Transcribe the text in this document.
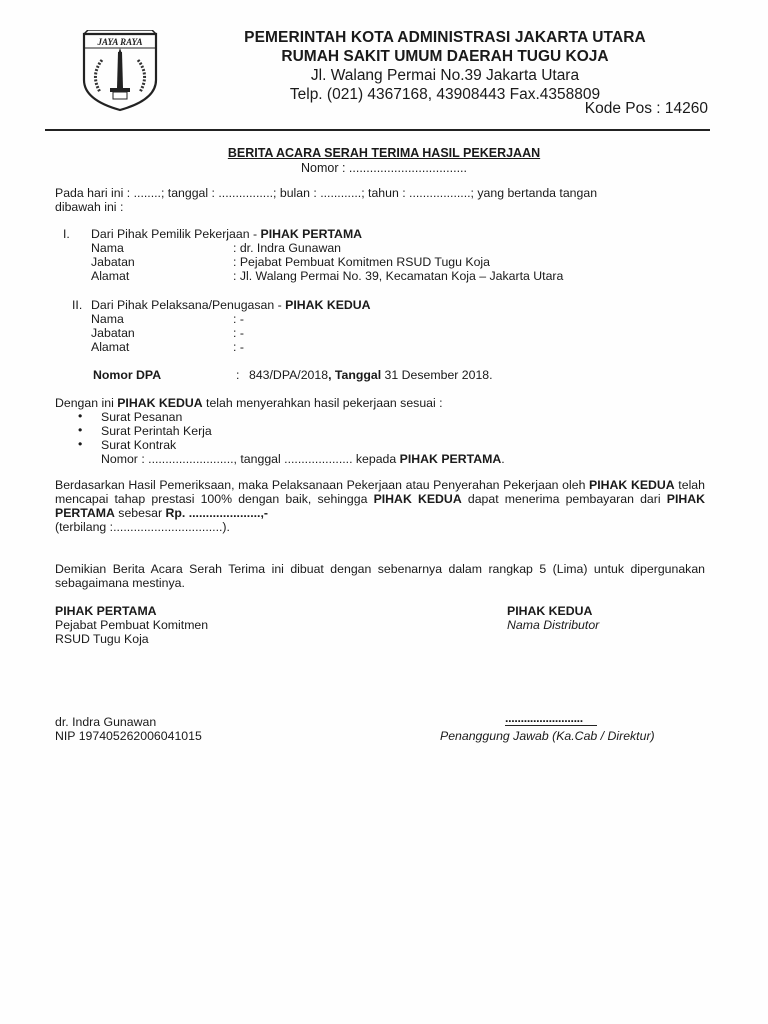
JAYA RAYA	PEMERINTAH KOTA ADMINISTRASI JAKARTA UTARA
RUMAH SAKIT UMUM DAERAH TUGU KOJA
Jl. Walang Permai No.39 Jakarta Utara
Telp. (021) 4367168, 43908443 Fax.4358809
Kode Pos : 14260
BERITA ACARA SERAH TERIMA HASIL PEKERJAAN
Nomor : ..................................
Pada hari ini : ........; tanggal : ................; bulan : ............; tahun : ..................; yang bertanda tangan
dibawah ini :
I. Dari Pihak Pemilik Pekerjaan - PIHAK PERTAMA
Nama	: dr. Indra Gunawan
Jabatan	: Pejabat Pembuat Komitmen RSUD Tugu Koja
Alamat	: Jl. Walang Permai No. 39, Kecamatan Koja – Jakarta Utara
II. Dari Pihak Pelaksana/Penugasan - PIHAK KEDUA
Nama	: -
Jabatan	: -
Alamat	: -
Nomor DPA	: 843/DPA/2018, Tanggal 31 Desember 2018.
Dengan ini PIHAK KEDUA telah menyerahkan hasil pekerjaan sesuai :
• Surat Pesanan
• Surat Perintah Kerja
• Surat Kontrak
Nomor : ........................., tanggal .................... kepada PIHAK PERTAMA.
Berdasarkan Hasil Pemeriksaan, maka Pelaksanaan Pekerjaan atau Penyerahan Pekerjaan oleh PIHAK KEDUA telah mencapai tahap prestasi 100% dengan baik, sehingga PIHAK KEDUA dapat menerima pembayaran dari PIHAK PERTAMA sebesar Rp. .....................,-
(terbilang :................................).
Demikian Berita Acara Serah Terima ini dibuat dengan sebenarnya dalam rangkap 5 (Lima) untuk dipergunakan sebagaimana mestinya.
PIHAK PERTAMA
Pejabat Pembuat Komitmen
RSUD Tugu Koja
dr. Indra Gunawan
NIP 197405262006041015
PIHAK KEDUA
Nama Distributor
.........................
Penanggung Jawab (Ka.Cab / Direktur)
